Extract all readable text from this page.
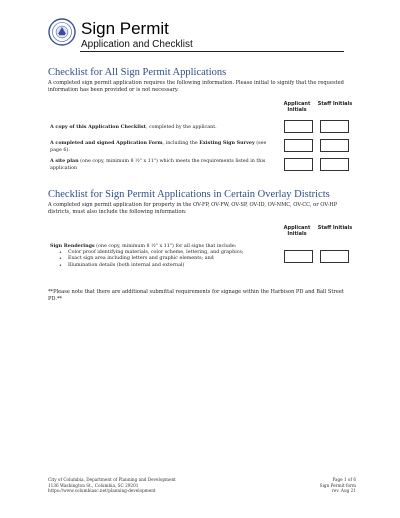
Sign Permit
Application and Checklist
Checklist for All Sign Permit Applications
A completed sign permit application requires the following information. Please initial to signify that the requested information has been provided or is not necessary.
Applicant Initials
Staff Initials
A copy of this Application Checklist, completed by the applicant.
A completed and signed Application Form, including the Existing Sign Survey (see page 6).
A site plan (one copy, minimum 8 ½" x 11") which meets the requirements listed in this application
Checklist for Sign Permit Applications in Certain Overlay Districts
A completed sign permit application for property in the OV-FP, OV-FW, OV-SP, OV-ID, OV-NMC, OV-CC, or OV-HP districts, must also include the following information:
Applicant Initials
Staff Initials
Sign Renderings (one copy, minimum 8 ½" x 11") for all signs that include:
• Color proof identifying materials, color scheme, lettering, and graphics;
• Exact sign area including letters and graphic elements; and
• Illumination details (both internal and external)
**Please note that there are additional submittal requirements for signage within the Harbison PD and Ball Street PD.**
City of Columbia, Department of Planning and Development
1136 Washington St., Columbia, SC 29201
https://www.columbiasc.net/planning-development
Page 1 of 6
Sign Permit form
rev. Aug 21
